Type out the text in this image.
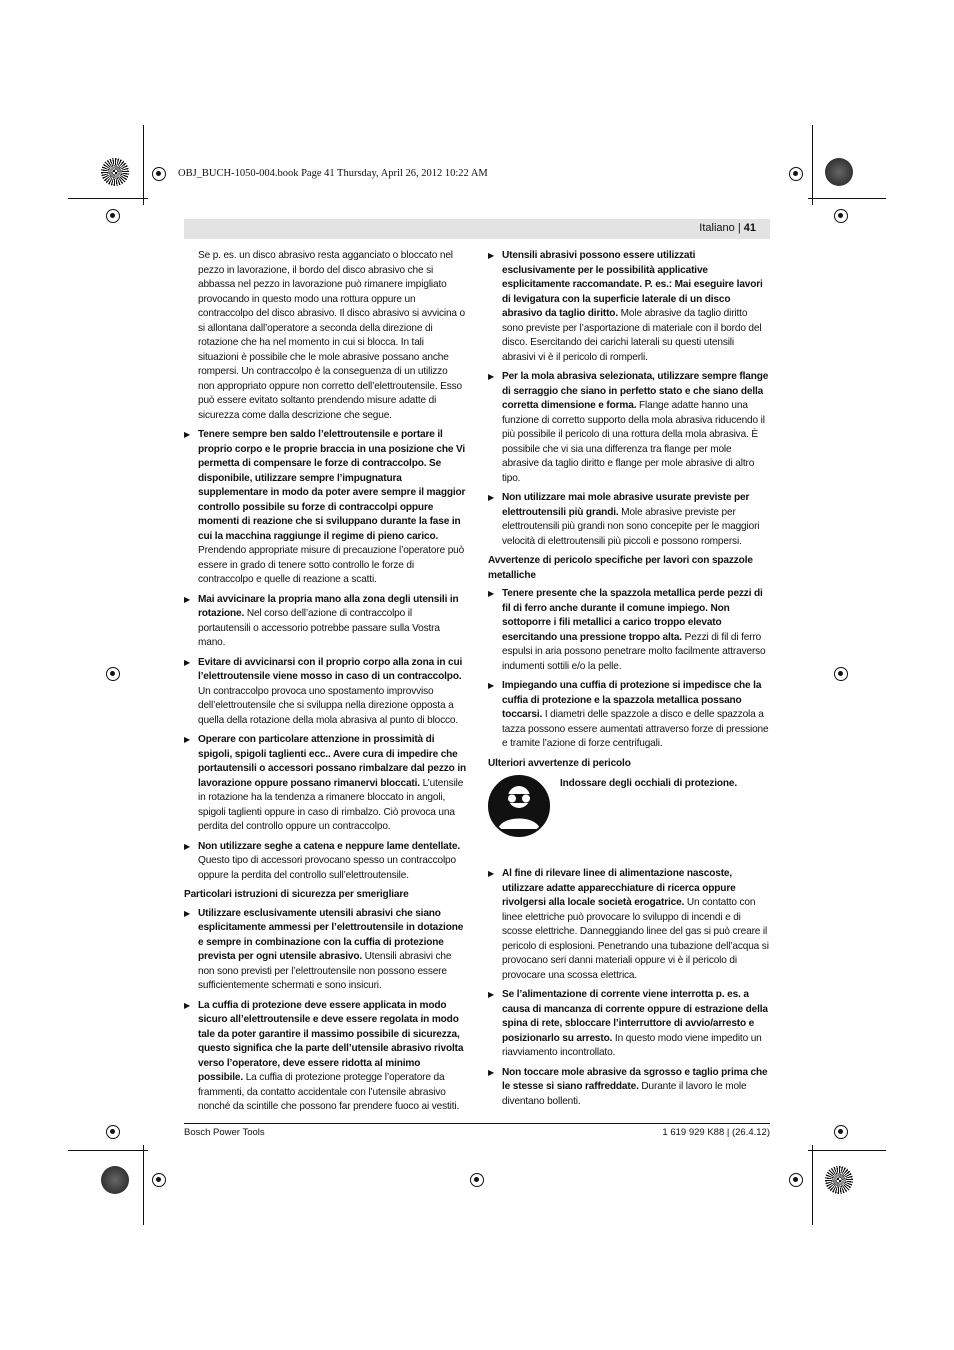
OBJ_BUCH-1050-004.book Page 41 Thursday, April 26, 2012 10:22 AM
Italiano | 41

Se p. es. un disco abrasivo resta agganciato o bloccato nel pezzo in lavorazione, il bordo del disco abrasivo che si abbassa nel pezzo in lavorazione può rimanere impigliato provocando in questo modo una rottura oppure un contraccolpo del disco abrasivo. Il disco abrasivo si avvicina o si allontana dall’operatore a seconda della direzione di rotazione che ha nel momento in cui si blocca. In tali situazioni è possibile che le mole abrasive possano anche rompersi. Un contraccolpo è la conseguenza di un utilizzo non appropriato oppure non corretto dell’elettroutensile. Esso può essere evitato soltanto prendendo misure adatte di sicurezza come dalla descrizione che segue.

▶ Tenere sempre ben saldo l’elettroutensile e portare il proprio corpo e le proprie braccia in una posizione che Vi permetta di compensare le forze di contraccolpo. Se disponibile, utilizzare sempre l’impugnatura supplementare in modo da poter avere sempre il maggior controllo possibile su forze di contraccolpi oppure momenti di reazione che si sviluppano durante la fase in cui la macchina raggiunge il regime di pieno carico. Prendendo appropriate misure di precauzione l’operatore può essere in grado di tenere sotto controllo le forze di contraccolpo e quelle di reazione a scatti.

▶ Mai avvicinare la propria mano alla zona degli utensili in rotazione. Nel corso dell’azione di contraccolpo il portautensili o accessorio potrebbe passare sulla Vostra mano.

▶ Evitare di avvicinarsi con il proprio corpo alla zona in cui l’elettroutensile viene mosso in caso di un contraccolpo. Un contraccolpo provoca uno spostamento improvviso dell’elettroutensile che si sviluppa nella direzione opposta a quella della rotazione della mola abrasiva al punto di blocco.

▶ Operare con particolare attenzione in prossimità di spigoli, spigoli taglienti ecc.. Avere cura di impedire che portautensili o accessori possano rimbalzare dal pezzo in lavorazione oppure possano rimanervi bloccati. L’utensile in rotazione ha la tendenza a rimanere bloccato in angoli, spigoli taglienti oppure in caso di rimbalzo. Ciò provoca una perdita del controllo oppure un contraccolpo.

▶ Non utilizzare seghe a catena e neppure lame dentellate. Questo tipo di accessori provocano spesso un contraccolpo oppure la perdita del controllo sull’elettroutensile.

Particolari istruzioni di sicurezza per smerigliare

▶ Utilizzare esclusivamente utensili abrasivi che siano esplicitamente ammessi per l’elettroutensile in dotazione e sempre in combinazione con la cuffia di protezione prevista per ogni utensile abrasivo. Utensili abrasivi che non sono previsti per l’elettroutensile non possono essere sufficientemente schermati e sono insicuri.

▶ La cuffia di protezione deve essere applicata in modo sicuro all’elettroutensile e deve essere regolata in modo tale da poter garantire il massimo possibile di sicurezza, questo significa che la parte dell’utensile abrasivo rivolta verso l’operatore, deve essere ridotta al minimo possibile. La cuffia di protezione protegge l’operatore da frammenti, da contatto accidentale con l’utensile abrasivo nonché da scintille che possono far prendere fuoco ai vestiti.

▶ Utensili abrasivi possono essere utilizzati esclusivamente per le possibilità applicative esplicitamente raccomandate. P. es.: Mai eseguire lavori di levigatura con la superficie laterale di un disco abrasivo da taglio diritto. Mole abrasive da taglio diritto sono previste per l’asportazione di materiale con il bordo del disco. Esercitando dei carichi laterali su questi utensili abrasivi vi è il pericolo di romperli.

▶ Per la mola abrasiva selezionata, utilizzare sempre flange di serraggio che siano in perfetto stato e che siano della corretta dimensione e forma. Flange adatte hanno una funzione di corretto supporto della mola abrasiva riducendo il più possibile il pericolo di una rottura della mola abrasiva. È possibile che vi sia una differenza tra flange per mole abrasive da taglio diritto e flange per mole abrasive di altro tipo.

▶ Non utilizzare mai mole abrasive usurate previste per elettroutensili più grandi. Mole abrasive previste per elettroutensili più grandi non sono concepite per le maggiori velocità di elettroutensili più piccoli e possono rompersi.

Avvertenze di pericolo specifiche per lavori con spazzole metalliche

▶ Tenere presente che la spazzola metallica perde pezzi di fil di ferro anche durante il comune impiego. Non sottoporre i fili metallici a carico troppo elevato esercitando una pressione troppo alta. Pezzi di fil di ferro espulsi in aria possono penetrare molto facilmente attraverso indumenti sottili e/o la pelle.

▶ Impiegando una cuffia di protezione si impedisce che la cuffia di protezione e la spazzola metallica possano toccarsi. I diametri delle spazzole a disco e delle spazzola a tazza possono essere aumentati attraverso forze di pressione e tramite l’azione di forze centrifugali.

Ulteriori avvertenze di pericolo
Indossare degli occhiali di protezione.

▶ Al fine di rilevare linee di alimentazione nascoste, utilizzare adatte apparecchiature di ricerca oppure rivolgersi alla locale società erogatrice. Un contatto con linee elettriche può provocare lo sviluppo di incendi e di scosse elettriche. Danneggiando linee del gas si può creare il pericolo di esplosioni. Penetrando una tubazione dell’acqua si provocano seri danni materiali oppure vi è il pericolo di provocare una scossa elettrica.

▶ Se l’alimentazione di corrente viene interrotta p. es. a causa di mancanza di corrente oppure di estrazione della spina di rete, sbloccare l’interruttore di avvio/arresto e posizionarlo su arresto. In questo modo viene impedito un riavviamento incontrollato.

▶ Non toccare mole abrasive da sgrosso e taglio prima che le stesse si siano raffreddate. Durante il lavoro le mole diventano bollenti.

Bosch Power Tools	1 619 929 K88 | (26.4.12)
